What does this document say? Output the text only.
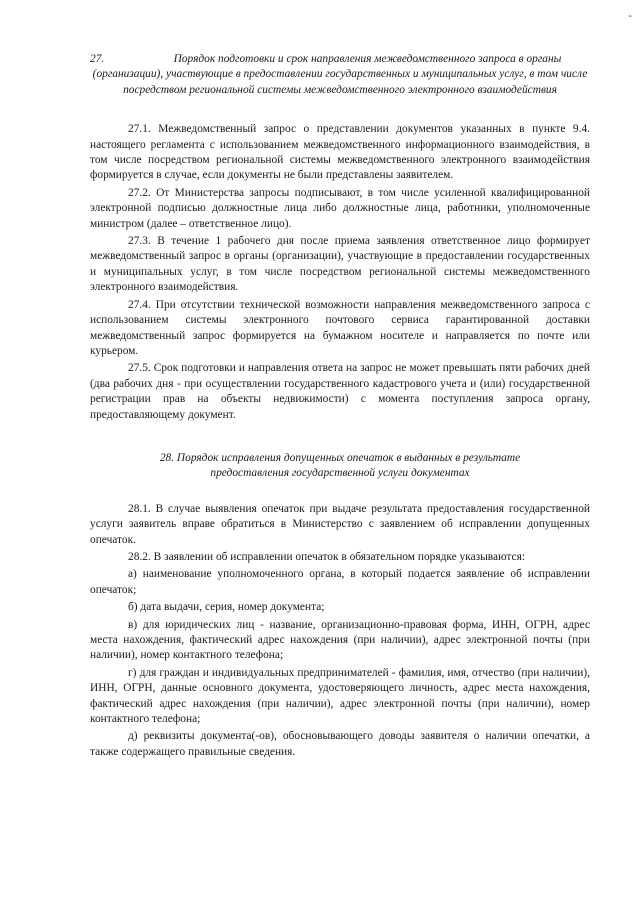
-
27.	Порядок подготовки и срок направления межведомственного запроса в органы
(организации), участвующие в предоставлении государственных и муниципальных услуг, в том числе посредством региональной системы межведомственного электронного взаимодействия

27.1. Межведомственный запрос о представлении документов указанных в пункте 9.4. настоящего регламента с использованием межведомственного информационного взаимодействия, в том числе посредством региональной системы межведомственного электронного взаимодействия формируется в случае, если документы не были представлены заявителем.

27.2. От Министерства запросы подписывают, в том числе усиленной квалифицированной электронной подписью должностные лица либо должностные лица, работники, уполномоченные министром (далее – ответственное лицо).

27.3. В течение 1 рабочего дня после приема заявления ответственное лицо формирует межведомственный запрос в органы (организации), участвующие в предоставлении государственных и муниципальных услуг, в том числе посредством региональной системы межведомственного электронного взаимодействия.

27.4. При отсутствии технической возможности направления межведомственного запроса с использованием системы электронного почтового сервиса гарантированной доставки межведомственный запрос формируется на бумажном носителе и направляется по почте или курьером.

27.5. Срок подготовки и направления ответа на запрос не может превышать пяти рабочих дней (два рабочих дня - при осуществлении государственного кадастрового учета и (или) государственной регистрации прав на объекты недвижимости) с момента поступления запроса органу, предоставляющему документ.

28. Порядок исправления допущенных опечаток в выданных в результате
предоставления государственной услуги документах

28.1. В случае выявления опечаток при выдаче результата предоставления государственной услуги заявитель вправе обратиться в Министерство с заявлением об исправлении допущенных опечаток.

28.2. В заявлении об исправлении опечаток в обязательном порядке указываются:

а) наименование уполномоченного органа, в который подается заявление об исправлении опечаток;

б) дата выдачи, серия, номер документа;

в) для юридических лиц - название, организационно-правовая форма, ИНН, ОГРН, адрес места нахождения, фактический адрес нахождения (при наличии), адрес электронной почты (при наличии), номер контактного телефона;

г) для граждан и индивидуальных предпринимателей - фамилия, имя, отчество (при наличии), ИНН, ОГРН, данные основного документа, удостоверяющего личность, адрес места нахождения, фактический адрес нахождения (при наличии), адрес электронной почты (при наличии), номер контактного телефона;

д) реквизиты документа(-ов), обосновывающего доводы заявителя о наличии опечатки, а также содержащего правильные сведения.
